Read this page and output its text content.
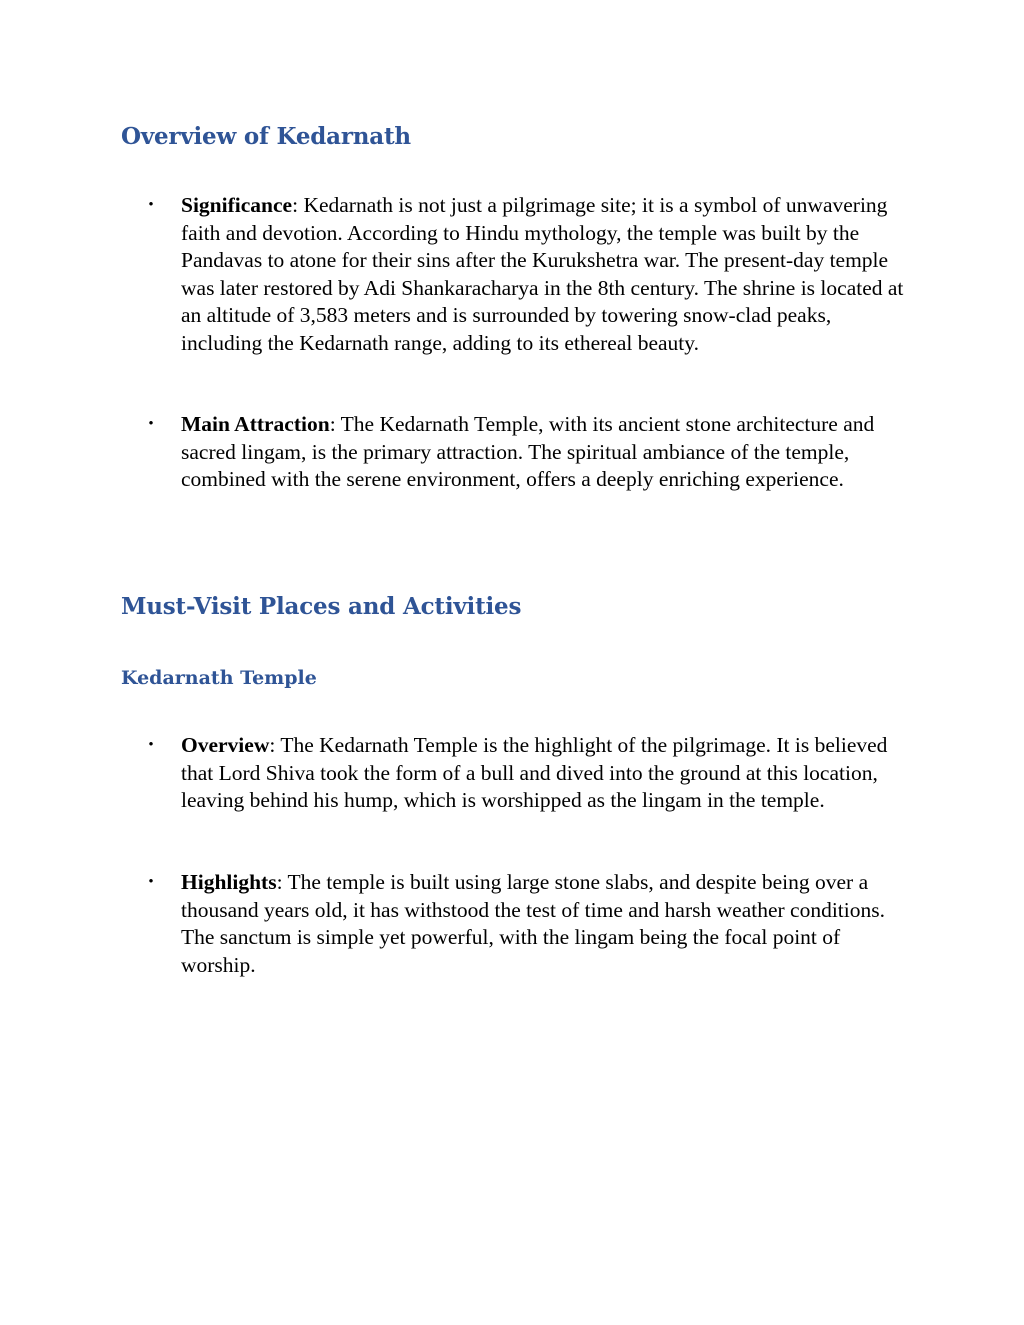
Overview of Kedarnath
• Significance: Kedarnath is not just a pilgrimage site; it is a symbol of unwavering faith and devotion. According to Hindu mythology, the temple was built by the Pandavas to atone for their sins after the Kurukshetra war. The present-day temple was later restored by Adi Shankaracharya in the 8th century. The shrine is located at an altitude of 3,583 meters and is surrounded by towering snow-clad peaks, including the Kedarnath range, adding to its ethereal beauty.
• Main Attraction: The Kedarnath Temple, with its ancient stone architecture and sacred lingam, is the primary attraction. The spiritual ambiance of the temple, combined with the serene environment, offers a deeply enriching experience.
Must-Visit Places and Activities
Kedarnath Temple
• Overview: The Kedarnath Temple is the highlight of the pilgrimage. It is believed that Lord Shiva took the form of a bull and dived into the ground at this location, leaving behind his hump, which is worshipped as the lingam in the temple.
• Highlights: The temple is built using large stone slabs, and despite being over a thousand years old, it has withstood the test of time and harsh weather conditions. The sanctum is simple yet powerful, with the lingam being the focal point of worship.
